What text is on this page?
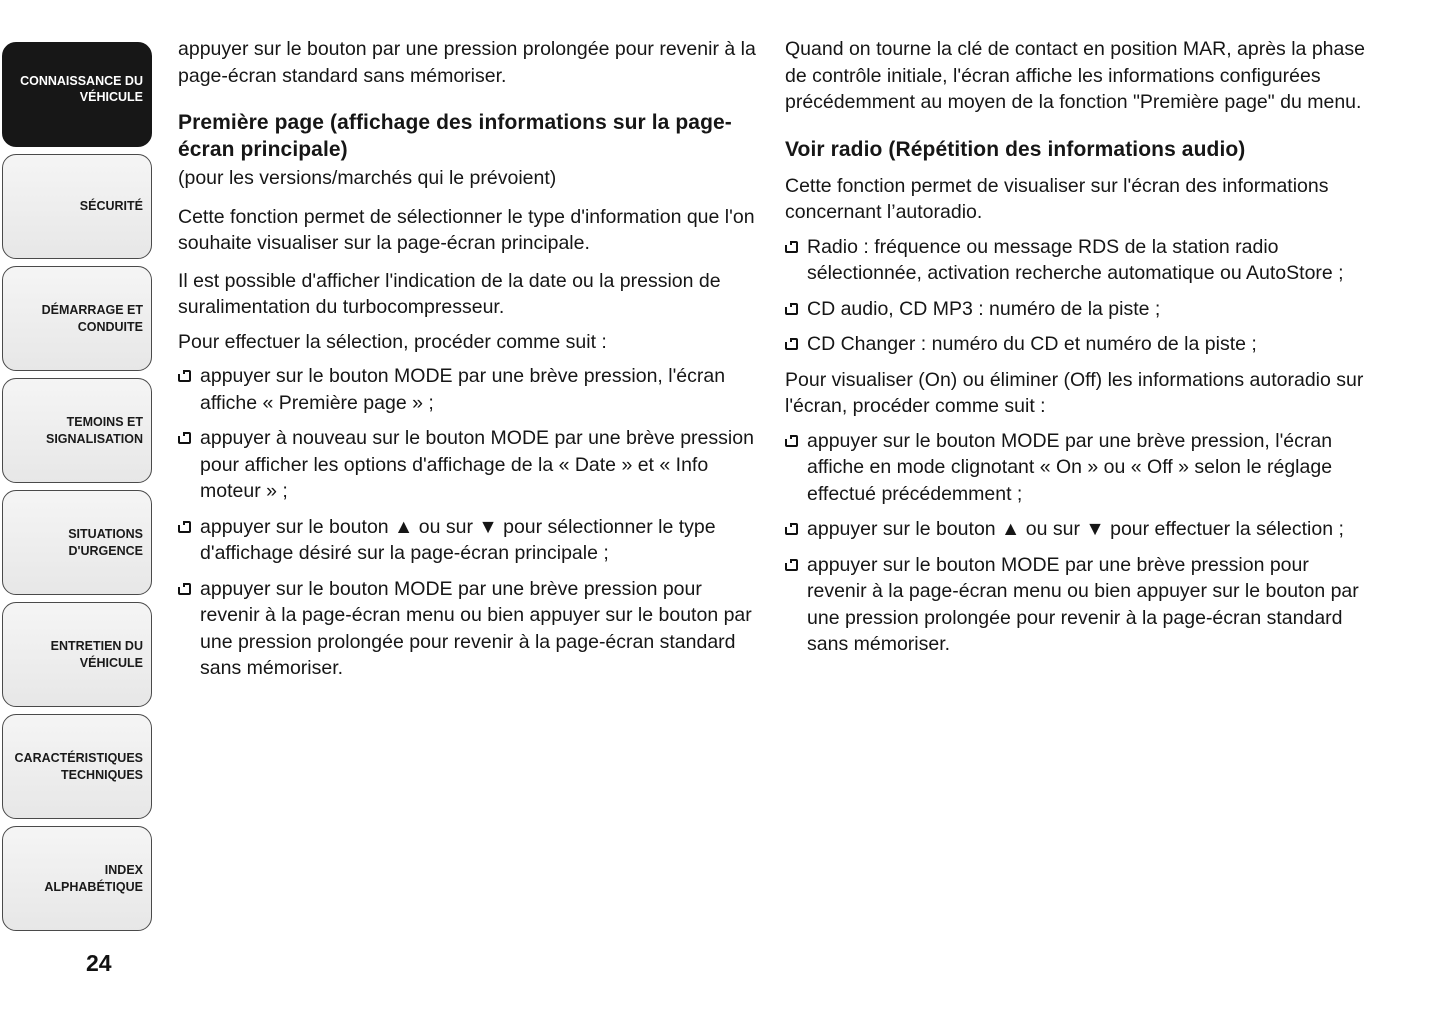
CONNAISSANCE DU VÉHICULE
SÉCURITÉ
DÉMARRAGE ET CONDUITE
TEMOINS ET SIGNALISATION
SITUATIONS D'URGENCE
ENTRETIEN DU VÉHICULE
CARACTÉRISTIQUES TECHNIQUES
INDEX ALPHABÉTIQUE
24

appuyer sur le bouton par une pression prolongée pour revenir à la page-écran standard sans mémoriser.

Première page (affichage des informations sur la page-écran principale)

(pour les versions/marchés qui le prévoient)

Cette fonction permet de sélectionner le type d'information que l'on souhaite visualiser sur la page-écran principale.

Il est possible d'afficher l'indication de la date ou la pression de suralimentation du turbocompresseur.

Pour effectuer la sélection, procéder comme suit :

appuyer sur le bouton MODE par une brève pression, l'écran affiche « Première page » ;
appuyer à nouveau sur le bouton MODE par une brève pression pour afficher les options d'affichage de la « Date » et « Info moteur » ;
appuyer sur le bouton ▲ ou sur ▼ pour sélectionner le type d'affichage désiré sur la page-écran principale ;
appuyer sur le bouton MODE par une brève pression pour revenir à la page-écran menu ou bien appuyer sur le bouton par une pression prolongée pour revenir à la page-écran standard sans mémoriser.

Quand on tourne la clé de contact en position MAR, après la phase de contrôle initiale, l'écran affiche les informations configurées précédemment au moyen de la fonction "Première page" du menu.

Voir radio (Répétition des informations audio)

Cette fonction permet de visualiser sur l'écran des informations concernant l’autoradio.

Radio : fréquence ou message RDS de la station radio sélectionnée, activation recherche automatique ou AutoStore ;
CD audio, CD MP3 : numéro de la piste ;
CD Changer : numéro du CD et numéro de la piste ;

Pour visualiser (On) ou éliminer (Off) les informations autoradio sur l'écran, procéder comme suit :

appuyer sur le bouton MODE par une brève pression, l'écran affiche en mode clignotant « On » ou « Off » selon le réglage effectué précédemment ;
appuyer sur le bouton ▲ ou sur ▼ pour effectuer la sélection ;
appuyer sur le bouton MODE par une brève pression pour revenir à la page-écran menu ou bien appuyer sur le bouton par une pression prolongée pour revenir à la page-écran standard sans mémoriser.
